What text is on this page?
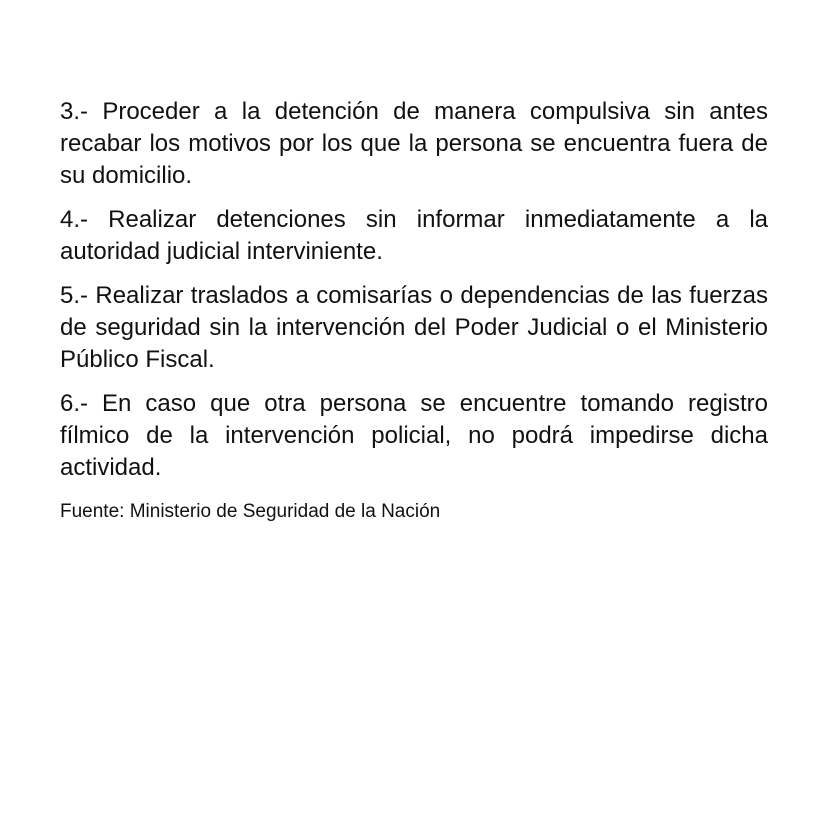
3.- Proceder a la detención de manera compulsiva sin antes recabar los motivos por los que la persona se encuentra fuera de su domicilio.

4.- Realizar detenciones sin informar inmediatamente a la autoridad judicial interviniente.

5.- Realizar traslados a comisarías o dependencias de las fuerzas de seguridad sin la intervención del Poder Judicial o el Ministerio Público Fiscal.

6.- En caso que otra persona se encuentre tomando registro fílmico de la intervención policial, no podrá impedirse dicha actividad.

Fuente: Ministerio de Seguridad de la Nación
